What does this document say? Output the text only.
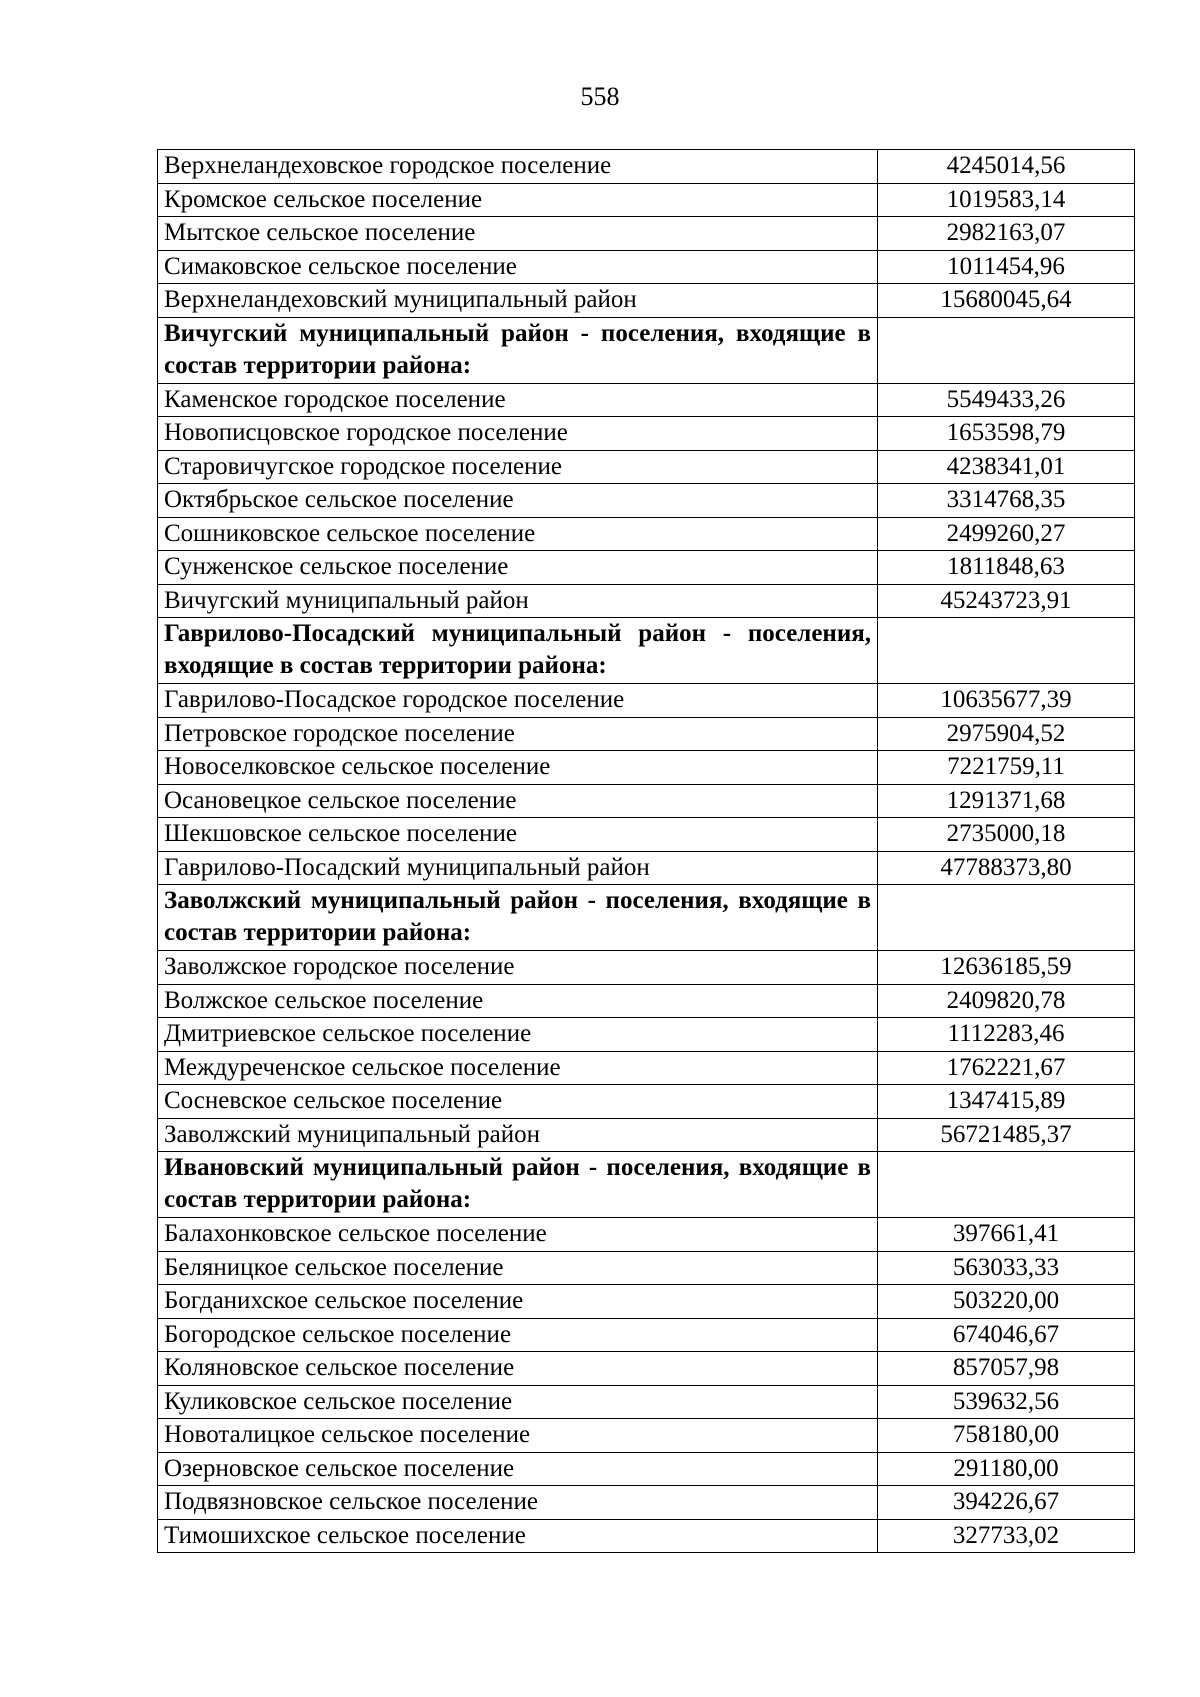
558
Верхнеландеховское городское поселение	4245014,56
Кромское сельское поселение	1019583,14
Мытское сельское поселение	2982163,07
Симаковское сельское поселение	1011454,96
Верхнеландеховский муниципальный район	15680045,64
Вичугский муниципальный район - поселения, входящие в состав территории района:	
Каменское городское поселение	5549433,26
Новописцовское городское поселение	1653598,79
Старовичугское городское поселение	4238341,01
Октябрьское сельское поселение	3314768,35
Сошниковское сельское поселение	2499260,27
Сунженское сельское поселение	1811848,63
Вичугский муниципальный район	45243723,91
Гаврилово-Посадский муниципальный район - поселения, входящие в состав территории района:	
Гаврилово-Посадское городское поселение	10635677,39
Петровское городское поселение	2975904,52
Новоселковское сельское поселение	7221759,11
Осановецкое сельское поселение	1291371,68
Шекшовское сельское поселение	2735000,18
Гаврилово-Посадский муниципальный район	47788373,80
Заволжский муниципальный район - поселения, входящие в состав территории района:	
Заволжское городское поселение	12636185,59
Волжское сельское поселение	2409820,78
Дмитриевское сельское поселение	1112283,46
Междуреченское сельское поселение	1762221,67
Сосневское сельское поселение	1347415,89
Заволжский муниципальный район	56721485,37
Ивановский муниципальный район - поселения, входящие в состав территории района:	
Балахонковское сельское поселение	397661,41
Беляницкое сельское поселение	563033,33
Богданихское сельское поселение	503220,00
Богородское сельское поселение	674046,67
Коляновское сельское поселение	857057,98
Куликовское сельское поселение	539632,56
Новоталицкое сельское поселение	758180,00
Озерновское сельское поселение	291180,00
Подвязновское сельское поселение	394226,67
Тимошихское сельское поселение	327733,02
